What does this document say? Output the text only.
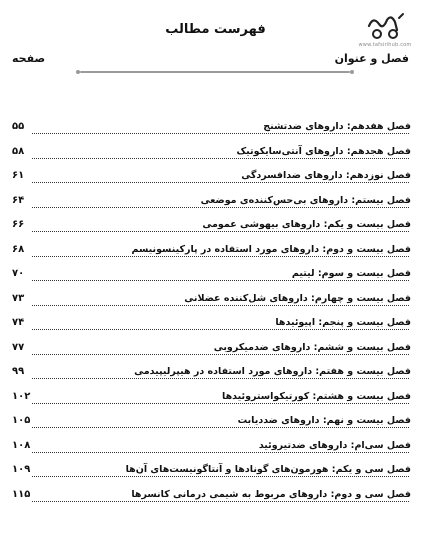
فهرست مطالب
www.tafsirihub.com
فصل و عنوان
صفحه
فصل هفدهم: داروهای ضدتشنج
۵۵
فصل هجدهم: داروهای آنتی‌سایکوتیک
۵۸
فصل نوزدهم: داروهای ضدافسردگی
۶۱
فصل بیستم: داروهای بی‌حس‌کننده‌ی موضعی
۶۴
فصل بیست و یکم: داروهای بیهوشی عمومی
۶۶
فصل بیست و دوم: داروهای مورد استفاده در پارکینسونیسم
۶۸
فصل بیست و سوم: لیتیم
۷۰
فصل بیست و چهارم: داروهای شل‌کننده عضلانی
۷۳
فصل بیست و پنجم: اپیوئیدها
۷۴
فصل بیست و ششم: داروهای ضدمیکروبی
۷۷
فصل بیست و هفتم: داروهای مورد استفاده در هیپرلیپیدمی
۹۹
فصل بیست و هشتم: کورتیکواستروئیدها
۱۰۲
فصل بیست و نهم: داروهای ضددیابت
۱۰۵
فصل سی‌ام: داروهای ضدتیروئید
۱۰۸
فصل سی و یکم: هورمون‌های گونادها و آنتاگونیست‌های آن‌ها
۱۰۹
فصل سی و دوم: داروهای مربوط به شیمی درمانی کانسرها
۱۱۵
